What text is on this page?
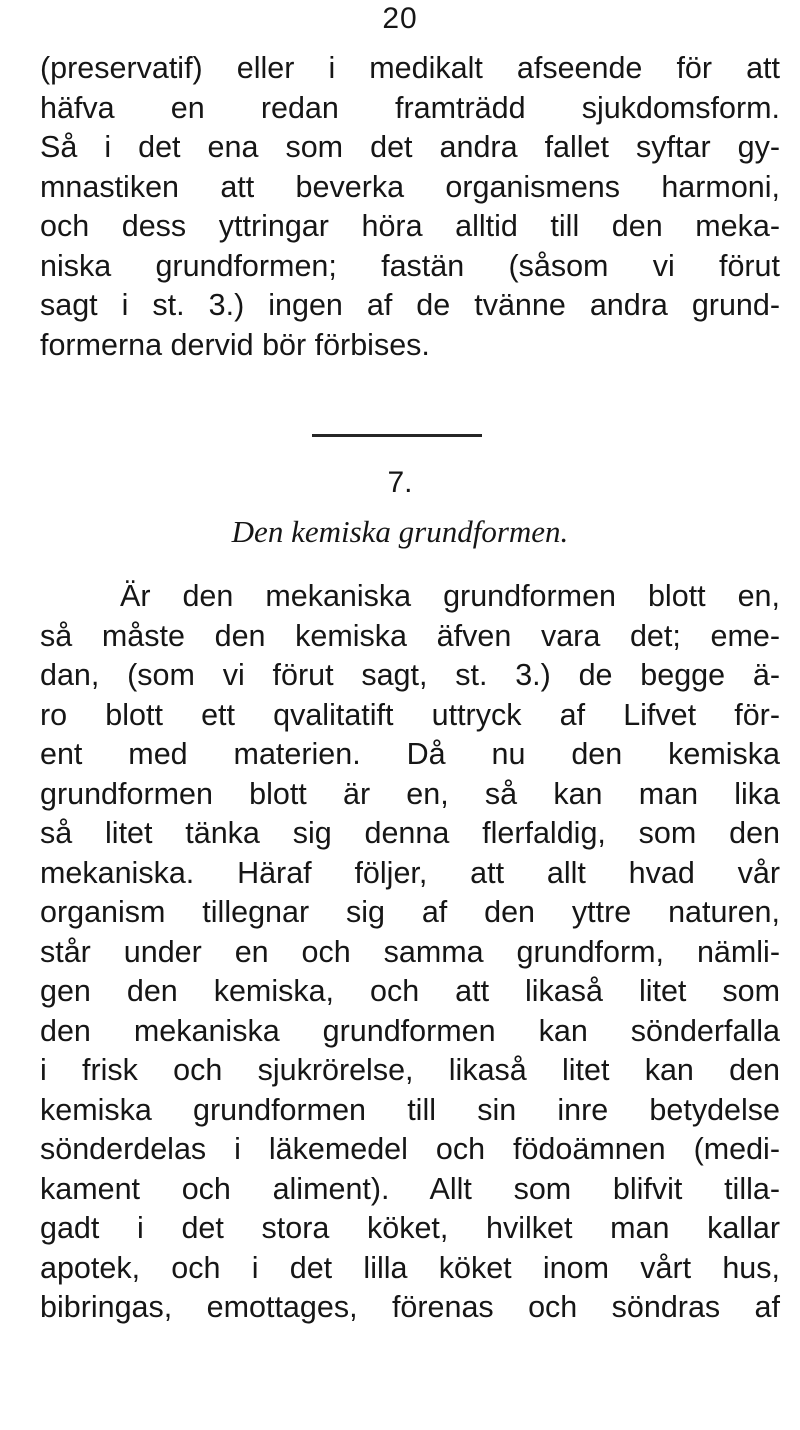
20
(preservatif) eller i medikalt afseende för att
häfva en redan framträdd sjukdomsform.
Så i det ena som det andra fallet syftar gy-
mnastiken att beverka organismens harmoni,
och dess yttringar höra alltid till den meka-
niska grundformen; fastän (såsom vi förut
sagt i st. 3.) ingen af de tvänne andra grund-
formerna dervid bör förbises.
7.
Den kemiska grundformen.
Är den mekaniska grundformen blott en,
så måste den kemiska äfven vara det; eme-
dan, (som vi förut sagt, st. 3.) de begge ä-
ro blott ett qvalitatift uttryck af Lifvet för-
ent med materien. Då nu den kemiska
grundformen blott är en, så kan man lika
så litet tänka sig denna flerfaldig, som den
mekaniska. Häraf följer, att allt hvad vår
organism tillegnar sig af den yttre naturen,
står under en och samma grundform, nämli-
gen den kemiska, och att likaså litet som
den mekaniska grundformen kan sönderfalla
i frisk och sjukrörelse, likaså litet kan den
kemiska grundformen till sin inre betydelse
sönderdelas i läkemedel och födoämnen (medi-
kament och aliment). Allt som blifvit tilla-
gadt i det stora köket, hvilket man kallar
apotek, och i det lilla köket inom vårt hus,
bibringas, emottages, förenas och söndras af
